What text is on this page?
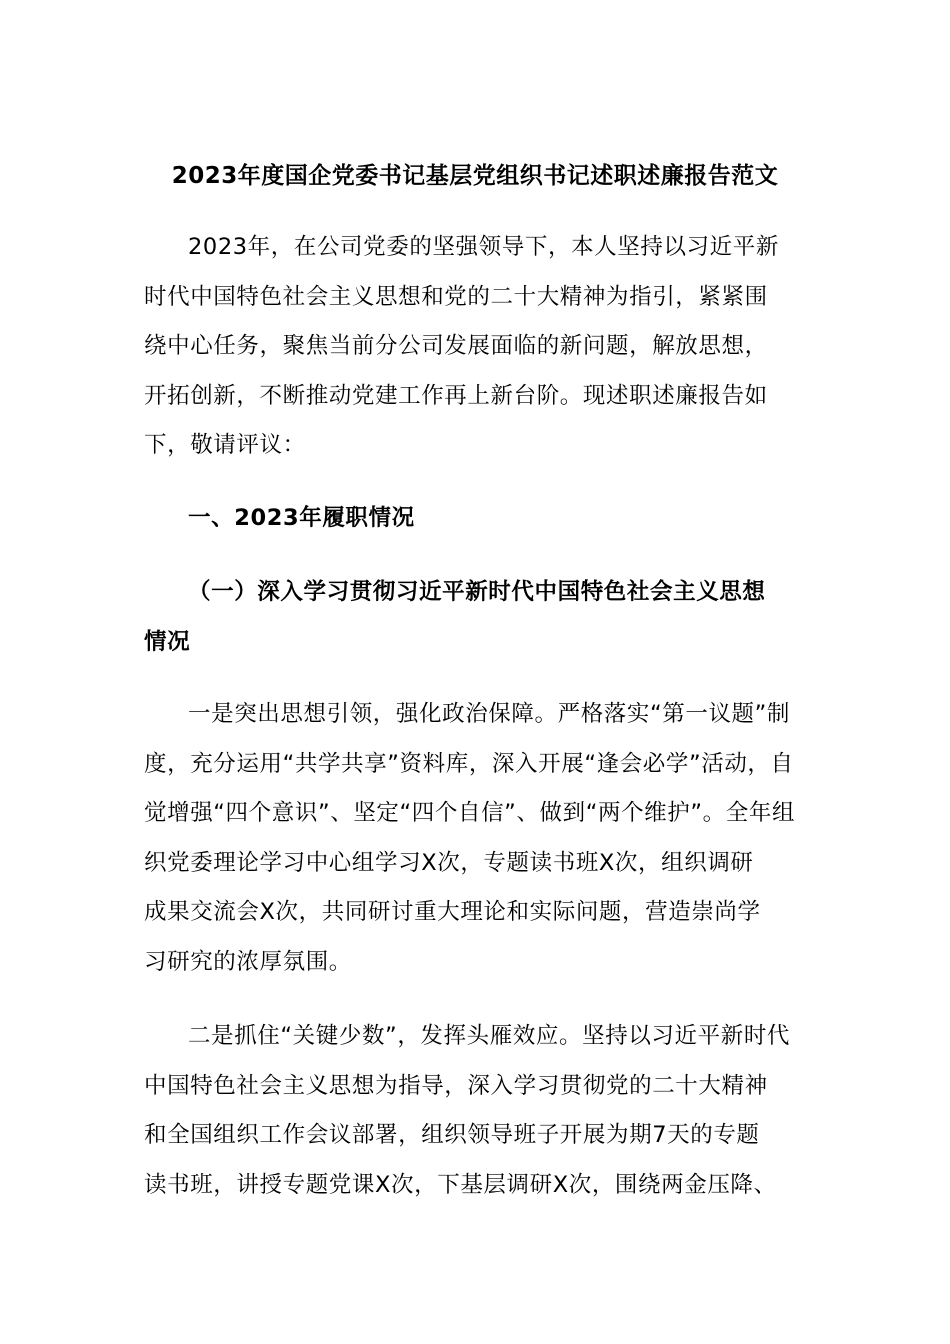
2023年度国企党委书记基层党组织书记述职述廉报告范文
2023年，在公司党委的坚强领导下，本人坚持以习近平新
时代中国特色社会主义思想和党的二十大精神为指引，紧紧围
绕中心任务，聚焦当前分公司发展面临的新问题，解放思想，
开拓创新，不断推动党建工作再上新台阶。现述职述廉报告如
下，敬请评议：
一、2023年履职情况
（一）深入学习贯彻习近平新时代中国特色社会主义思想
情况
一是突出思想引领，强化政治保障。严格落实“第一议题”制
度，充分运用“共学共享”资料库，深入开展“逢会必学”活动，自
觉增强“四个意识”、坚定“四个自信”、做到“两个维护”。全年组
织党委理论学习中心组学习X次，专题读书班X次，组织调研
成果交流会X次，共同研讨重大理论和实际问题，营造崇尚学
习研究的浓厚氛围。
二是抓住“关键少数”，发挥头雁效应。坚持以习近平新时代
中国特色社会主义思想为指导，深入学习贯彻党的二十大精神
和全国组织工作会议部署，组织领导班子开展为期7天的专题
读书班，讲授专题党课X次，下基层调研X次，围绕两金压降、
